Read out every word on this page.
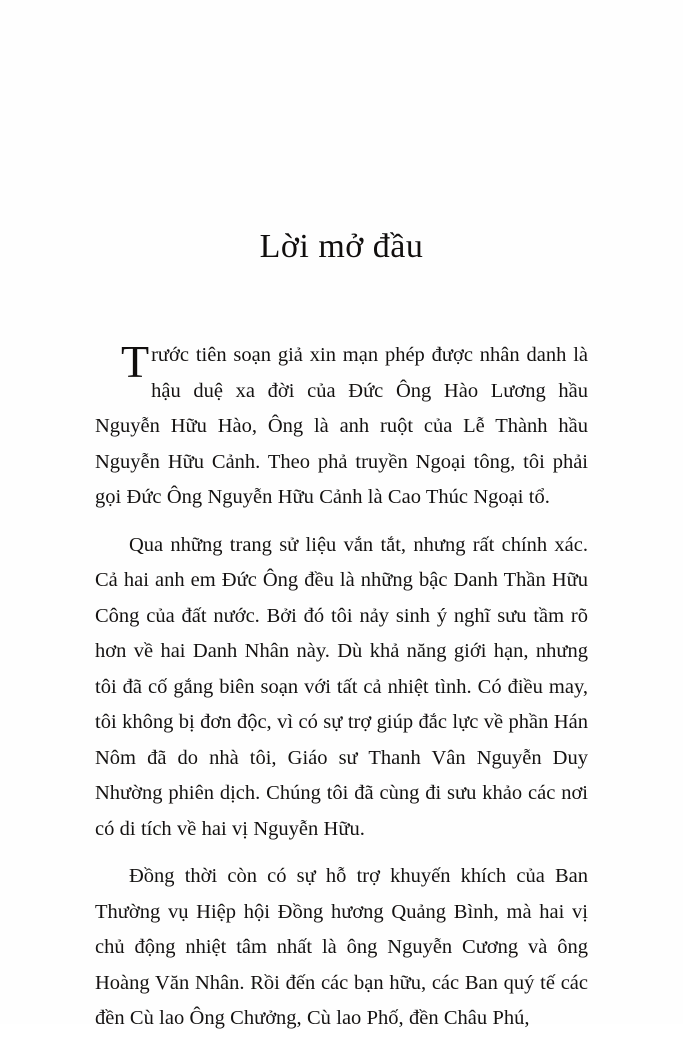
Lời mở đầu

Trước tiên soạn giả xin mạn phép được nhân danh là hậu duệ xa đời của Đức Ông Hào Lương hầu Nguyễn Hữu Hào, Ông là anh ruột của Lễ Thành hầu Nguyễn Hữu Cảnh. Theo phả truyền Ngoại tông, tôi phải gọi Đức Ông Nguyễn Hữu Cảnh là Cao Thúc Ngoại tổ.

Qua những trang sử liệu vắn tắt, nhưng rất chính xác. Cả hai anh em Đức Ông đều là những bậc Danh Thần Hữu Công của đất nước. Bởi đó tôi nảy sinh ý nghĩ sưu tầm rõ hơn về hai Danh Nhân này. Dù khả năng giới hạn, nhưng tôi đã cố gắng biên soạn với tất cả nhiệt tình. Có điều may, tôi không bị đơn độc, vì có sự trợ giúp đắc lực về phần Hán Nôm đã do nhà tôi, Giáo sư Thanh Vân Nguyễn Duy Nhường phiên dịch. Chúng tôi đã cùng đi sưu khảo các nơi có di tích về hai vị Nguyễn Hữu.

Đồng thời còn có sự hỗ trợ khuyến khích của Ban Thường vụ Hiệp hội Đồng hương Quảng Bình, mà hai vị chủ động nhiệt tâm nhất là ông Nguyễn Cương và ông Hoàng Văn Nhân. Rồi đến các bạn hữu, các Ban quý tế các đền Cù lao Ông Chưởng, Cù lao Phố, đền Châu Phú,
